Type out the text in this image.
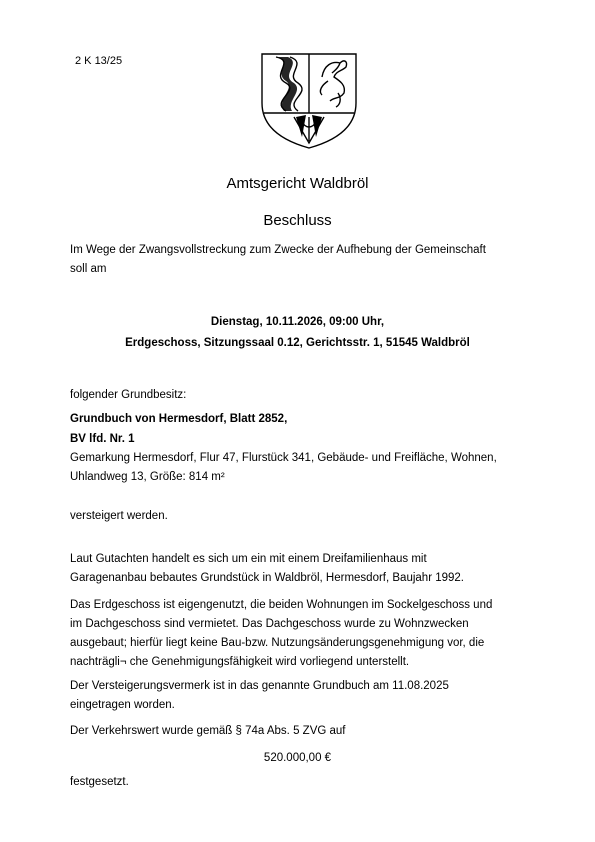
2 K 13/25
Amtsgericht Waldbröl
Beschluss
Im Wege der Zwangsvollstreckung zum Zwecke der Aufhebung der Gemeinschaft
soll am
Dienstag, 10.11.2026, 09:00 Uhr,
Erdgeschoss, Sitzungssaal 0.12, Gerichtsstr. 1, 51545 Waldbröl
folgender Grundbesitz:
Grundbuch von Hermesdorf, Blatt 2852,
BV lfd. Nr. 1
Gemarkung Hermesdorf, Flur 47, Flurstück 341, Gebäude- und Freifläche, Wohnen,
Uhlandweg 13, Größe: 814 m²
versteigert werden.
Laut Gutachten handelt es sich um ein mit einem Dreifamilienhaus mit
Garagenanbau bebautes Grundstück in Waldbröl, Hermesdorf, Baujahr 1992.
Das Erdgeschoss ist eigengenutzt, die beiden Wohnungen im Sockelgeschoss und
im Dachgeschoss sind vermietet. Das Dachgeschoss wurde zu Wohnzwecken
ausgebaut; hierfür liegt keine Bau-bzw. Nutzungsänderungsgenehmigung vor, die
nachträgli¬ che Genehmigungsfähigkeit wird vorliegend unterstellt.
Der Versteigerungsvermerk ist in das genannte Grundbuch am 11.08.2025
eingetragen worden.
Der Verkehrswert wurde gemäß § 74a Abs. 5 ZVG auf
520.000,00 €
festgesetzt.
